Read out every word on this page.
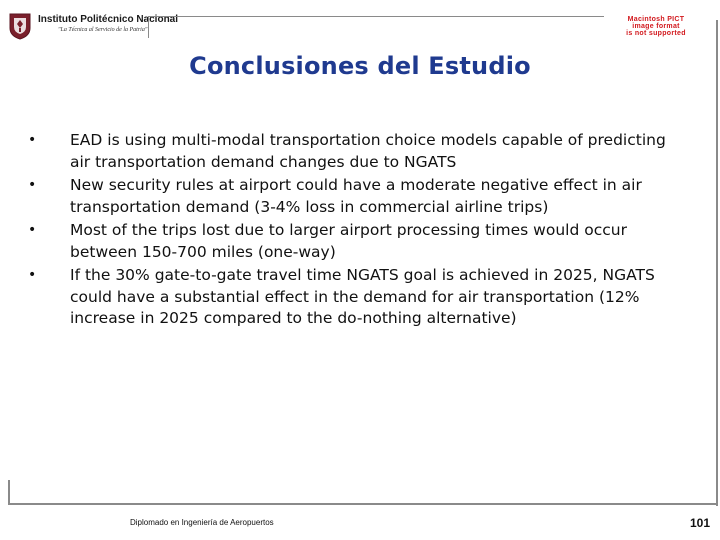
Instituto Politécnico Nacional
"La Técnica al Servicio de la Patria"
Macintosh PICT
image format
is not supported
Conclusiones del Estudio
• EAD is using multi-modal transportation choice models capable of predicting air transportation demand changes due to NGATS
• New security rules at airport could have a moderate negative effect in air transportation demand (3-4% loss in commercial airline trips)
• Most of the trips lost due to larger airport processing times would occur between 150-700 miles (one-way)
• If the 30% gate-to-gate travel time NGATS goal is achieved in 2025, NGATS could have a substantial effect in the demand for air transportation (12% increase in 2025 compared to the do-nothing alternative)
Diplomado en Ingeniería de Aeropuertos	101
